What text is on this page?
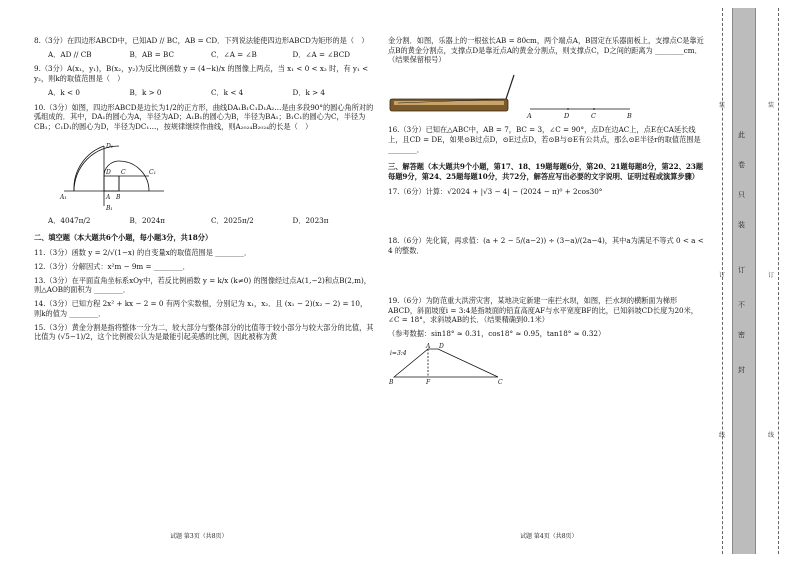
8.（3分）在四边形ABCD中，已知AD // BC，AB = CD．下列说法能使四边形ABCD为矩形的是（　）
A．AD // CB	B．AB = BC	C．∠A = ∠B	D．∠A = ∠BCD
9.（3分）A(x₁，y₁)，B(x₂，y₂)为反比例函数 y = (4−k)/x 的图像上两点，当 x₁ < 0 < x₂ 时，有 y₁ < y₂，则k的取值范围是（　）
A．k < 0	B．k > 0	C．k < 4	D．k > 4
10.（3分）如图，四边形ABCD是边长为1/2的正方形，曲线DA₁B₁C₁D₁A₂…是由多段90°的圆心角所对的弧组成的．其中，DA₁的圆心为A，半径为AD；A₁B₁的圆心为B，半径为BA₁；B₁C₁的圆心为C，半径为CB₁；C₁D₁的圆心为D，半径为DC₁…，按规律继续作曲线，则A₂₀₂₄B₂₀₂₄的长是（　）
D₁
D C	C₁
A₁	A B
B₁
A．4047π/2	B．2024π	C．2025π/2	D．2023π
二、填空题（本大题共6个小题，每小题3分，共18分）
11.（3分）函数 y = 2/√(1−x) 的自变量x的取值范围是 ________．
12.（3分）分解因式：x²m − 9m = ________．
13.（3分）在平面直角坐标系xOy中，若反比例函数 y = k/x (k≠0) 的图像经过点A(1,−2)和点B(2,m)，则△AOB的面积为 ________．
14.（3分）已知方程 2x² + kx − 2 = 0 有两个实数根，分别记为 x₁，x₂．且 (x₁ − 2)(x₂ − 2) = 10，则k的值为 ________．
15.（3分）黄金分割是指将整体一分为二，较大部分与整体部分的比值等于较小部分与较大部分的比值，其比值为 (√5−1)/2，这个比例被公认为是最能引起美感的比例，因此被称为黄
试题 第3页（共8页）
金分割．如图，乐器上的一根弦长AB = 80cm，两个端点A，B固定在乐器面板上，支撑点C是靠近点B的黄金分割点，支撑点D是靠近点A的黄金分割点，则支撑点C，D之间的距离为 ________cm．（结果保留根号）
A	D	C	B
16.（3分）已知在△ABC中，AB = 7，BC = 3，∠C = 90°，点D在边AC上，点E在CA延长线上，且CD = DE，如果⊙B过点D，⊙E过点D，若⊙B与⊙E有公共点，那么⊙E半径r的取值范围是 ________．
三、解答题（本大题共9个小题，第17、18、19题每题6分，第20、21题每题8分，第22、23题每题9分，第24、25题每题10分，共72分，解答应写出必要的文字说明、证明过程或演算步骤）
17.（6分）计算：√2024 + |√3 − 4| − (2024 − π)⁰ + 2cos30°
18.（6分）先化简，再求值：(a + 2 − 5/(a−2)) ÷ (3−a)/(2a−4)，其中a为满足不等式 0 < a < 4 的整数．
19.（6分）为防范重大洪涝灾害，某地决定新建一座拦水坝，如图，拦水坝的横断面为梯形ABCD，斜面坡度i = 3:4是指坡面的铅直高度AF与水平宽度BF的比，已知斜坡CD长度为20米，∠C = 18°，求斜坡AB的长．（结果精确到0.1米）
（参考数据：sin18° ≈ 0.31，cos18° ≈ 0.95，tan18° ≈ 0.32）
i=3:4
A D
B	F	C
试题 第4页（共8页）
此
卷
只
装
订
不
密
封
装
订
线
装
订
线
